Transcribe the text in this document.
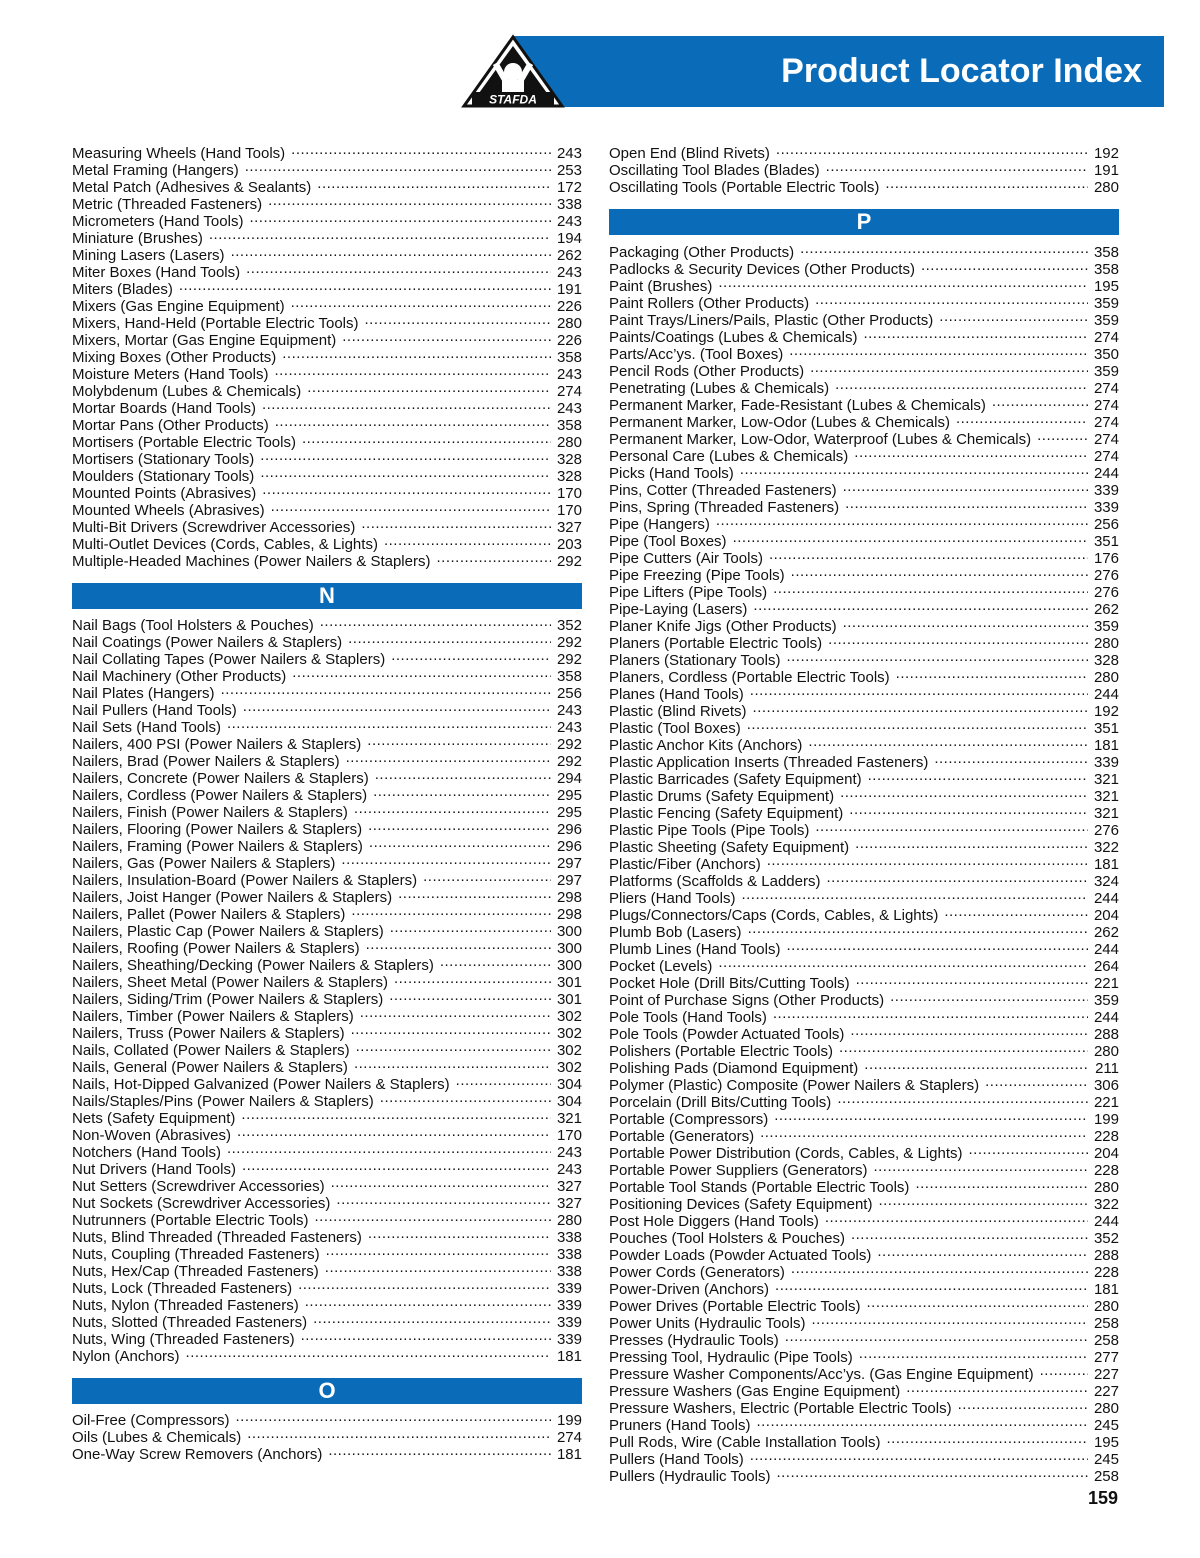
Product Locator Index
STAFDA
Measuring Wheels (Hand Tools) .....	243
Metal Framing (Hangers) .....	253
Metal Patch (Adhesives & Sealants) .....	172
Metric (Threaded Fasteners) .....	338
Micrometers (Hand Tools) .....	243
Miniature (Brushes) .....	194
Mining Lasers (Lasers) .....	262
Miter Boxes (Hand Tools) .....	243
Miters (Blades) .....	191
Mixers (Gas Engine Equipment) .....	226
Mixers, Hand-Held (Portable Electric Tools) .....	280
Mixers, Mortar (Gas Engine Equipment) .....	226
Mixing Boxes (Other Products) .....	358
Moisture Meters (Hand Tools) .....	243
Molybdenum (Lubes & Chemicals) .....	274
Mortar Boards (Hand Tools) .....	243
Mortar Pans (Other Products) .....	358
Mortisers (Portable Electric Tools) .....	280
Mortisers (Stationary Tools) .....	328
Moulders (Stationary Tools) .....	328
Mounted Points (Abrasives) .....	170
Mounted Wheels (Abrasives) .....	170
Multi-Bit Drivers (Screwdriver Accessories) .....	327
Multi-Outlet Devices (Cords, Cables, & Lights) .....	203
Multiple-Headed Machines (Power Nailers & Staplers) .....	292
N
Nail Bags (Tool Holsters & Pouches) .....	352
Nail Coatings (Power Nailers & Staplers) .....	292
Nail Collating Tapes (Power Nailers & Staplers) .....	292
Nail Machinery (Other Products) .....	358
Nail Plates (Hangers) .....	256
Nail Pullers (Hand Tools) .....	243
Nail Sets (Hand Tools) .....	243
Nailers, 400 PSI (Power Nailers & Staplers) .....	292
Nailers, Brad (Power Nailers & Staplers) .....	292
Nailers, Concrete (Power Nailers & Staplers) .....	294
Nailers, Cordless (Power Nailers & Staplers) .....	295
Nailers, Finish (Power Nailers & Staplers) .....	295
Nailers, Flooring (Power Nailers & Staplers) .....	296
Nailers, Framing (Power Nailers & Staplers) .....	296
Nailers, Gas (Power Nailers & Staplers) .....	297
Nailers, Insulation-Board (Power Nailers & Staplers) .....	297
Nailers, Joist Hanger (Power Nailers & Staplers) .....	298
Nailers, Pallet (Power Nailers & Staplers) .....	298
Nailers, Plastic Cap (Power Nailers & Staplers) .....	300
Nailers, Roofing (Power Nailers & Staplers) .....	300
Nailers, Sheathing/Decking (Power Nailers & Staplers) .....	300
Nailers, Sheet Metal (Power Nailers & Staplers) .....	301
Nailers, Siding/Trim (Power Nailers & Staplers) .....	301
Nailers, Timber (Power Nailers & Staplers) .....	302
Nailers, Truss (Power Nailers & Staplers) .....	302
Nails, Collated (Power Nailers & Staplers) .....	302
Nails, General (Power Nailers & Staplers) .....	302
Nails, Hot-Dipped Galvanized (Power Nailers & Staplers) .....	304
Nails/Staples/Pins (Power Nailers & Staplers) .....	304
Nets (Safety Equipment) .....	321
Non-Woven (Abrasives) .....	170
Notchers (Hand Tools) .....	243
Nut Drivers (Hand Tools) .....	243
Nut Setters (Screwdriver Accessories) .....	327
Nut Sockets (Screwdriver Accessories) .....	327
Nutrunners (Portable Electric Tools) .....	280
Nuts, Blind Threaded (Threaded Fasteners) .....	338
Nuts, Coupling (Threaded Fasteners) .....	338
Nuts, Hex/Cap (Threaded Fasteners) .....	338
Nuts, Lock (Threaded Fasteners) .....	339
Nuts, Nylon (Threaded Fasteners) .....	339
Nuts, Slotted (Threaded Fasteners) .....	339
Nuts, Wing (Threaded Fasteners) .....	339
Nylon (Anchors) .....	181
O
Oil-Free (Compressors) .....	199
Oils (Lubes & Chemicals) .....	274
One-Way Screw Removers (Anchors) .....	181
Open End (Blind Rivets) .....	192
Oscillating Tool Blades (Blades) .....	191
Oscillating Tools (Portable Electric Tools) .....	280
P
Packaging (Other Products) .....	358
Padlocks & Security Devices (Other Products) .....	358
Paint (Brushes) .....	195
Paint Rollers (Other Products) .....	359
Paint Trays/Liners/Pails, Plastic (Other Products) .....	359
Paints/Coatings (Lubes & Chemicals) .....	274
Parts/Acc’ys. (Tool Boxes) .....	350
Pencil Rods (Other Products) .....	359
Penetrating (Lubes & Chemicals) .....	274
Permanent Marker, Fade-Resistant (Lubes & Chemicals) .....	274
Permanent Marker, Low-Odor (Lubes & Chemicals) .....	274
Permanent Marker, Low-Odor, Waterproof (Lubes & Chemicals) .....	274
Personal Care (Lubes & Chemicals) .....	274
Picks (Hand Tools) .....	244
Pins, Cotter (Threaded Fasteners) .....	339
Pins, Spring (Threaded Fasteners) .....	339
Pipe (Hangers) .....	256
Pipe (Tool Boxes) .....	351
Pipe Cutters (Air Tools) .....	176
Pipe Freezing (Pipe Tools) .....	276
Pipe Lifters (Pipe Tools) .....	276
Pipe-Laying (Lasers) .....	262
Planer Knife Jigs (Other Products) .....	359
Planers (Portable Electric Tools) .....	280
Planers (Stationary Tools) .....	328
Planers, Cordless (Portable Electric Tools) .....	280
Planes (Hand Tools) .....	244
Plastic (Blind Rivets) .....	192
Plastic (Tool Boxes) .....	351
Plastic Anchor Kits (Anchors) .....	181
Plastic Application Inserts (Threaded Fasteners) .....	339
Plastic Barricades (Safety Equipment) .....	321
Plastic Drums (Safety Equipment) .....	321
Plastic Fencing (Safety Equipment) .....	321
Plastic Pipe Tools (Pipe Tools) .....	276
Plastic Sheeting (Safety Equipment) .....	322
Plastic/Fiber (Anchors) .....	181
Platforms (Scaffolds & Ladders) .....	324
Pliers (Hand Tools) .....	244
Plugs/Connectors/Caps (Cords, Cables, & Lights) .....	204
Plumb Bob (Lasers) .....	262
Plumb Lines (Hand Tools) .....	244
Pocket (Levels) .....	264
Pocket Hole (Drill Bits/Cutting Tools) .....	221
Point of Purchase Signs (Other Products) .....	359
Pole Tools (Hand Tools) .....	244
Pole Tools (Powder Actuated Tools) .....	288
Polishers (Portable Electric Tools) .....	280
Polishing Pads (Diamond Equipment) .....	211
Polymer (Plastic) Composite (Power Nailers & Staplers) .....	306
Porcelain (Drill Bits/Cutting Tools) .....	221
Portable (Compressors) .....	199
Portable (Generators) .....	228
Portable Power Distribution (Cords, Cables, & Lights) .....	204
Portable Power Suppliers (Generators) .....	228
Portable Tool Stands (Portable Electric Tools) .....	280
Positioning Devices (Safety Equipment) .....	322
Post Hole Diggers (Hand Tools) .....	244
Pouches (Tool Holsters & Pouches) .....	352
Powder Loads (Powder Actuated Tools) .....	288
Power Cords (Generators) .....	228
Power-Driven (Anchors) .....	181
Power Drives (Portable Electric Tools) .....	280
Power Units (Hydraulic Tools) .....	258
Presses (Hydraulic Tools) .....	258
Pressing Tool, Hydraulic (Pipe Tools) .....	277
Pressure Washer Components/Acc’ys. (Gas Engine Equipment) .....	227
Pressure Washers (Gas Engine Equipment) .....	227
Pressure Washers, Electric (Portable Electric Tools) .....	280
Pruners (Hand Tools) .....	245
Pull Rods, Wire (Cable Installation Tools) .....	195
Pullers (Hand Tools) .....	245
Pullers (Hydraulic Tools) .....	258
159
